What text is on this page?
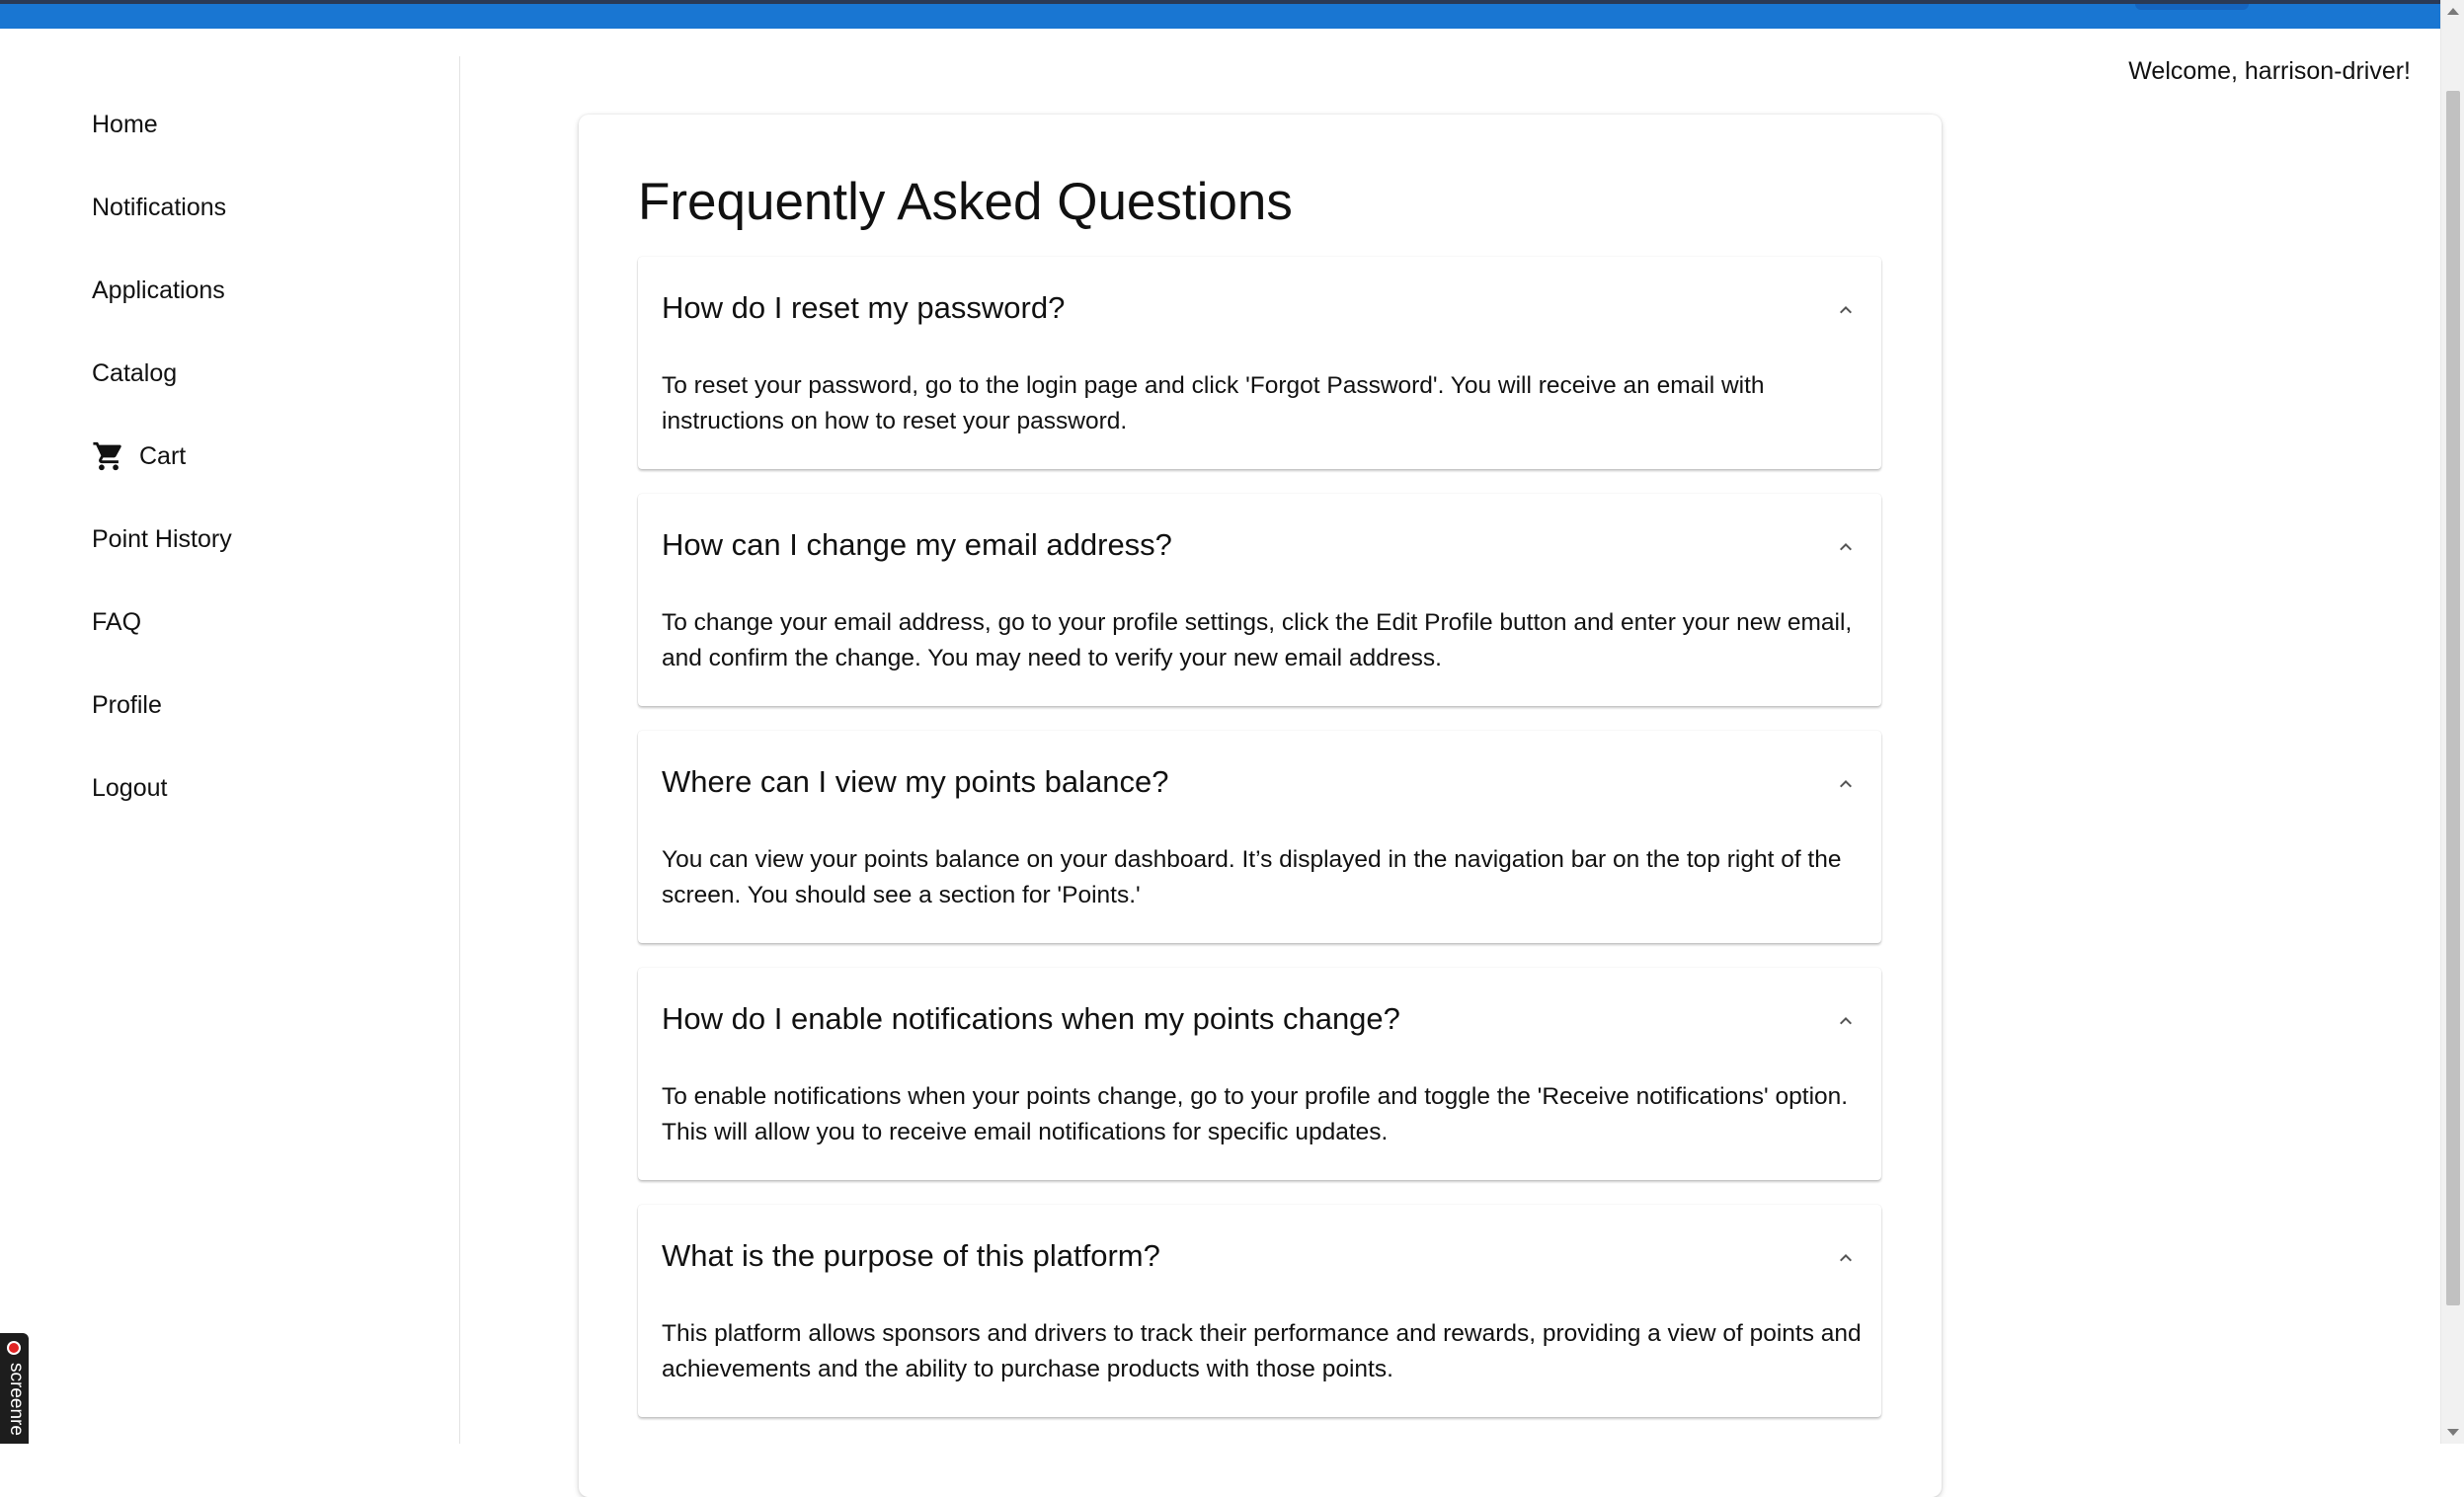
Home
Notifications
Applications
Catalog
Cart
Point History
FAQ
Profile
Logout
Welcome, harrison-driver!
Frequently Asked Questions
How do I reset my password?
To reset your password, go to the login page and click 'Forgot Password'. You will receive an email with instructions on how to reset your password.
How can I change my email address?
To change your email address, go to your profile settings, click the Edit Profile button and enter your new email, and confirm the change. You may need to verify your new email address.
Where can I view my points balance?
You can view your points balance on your dashboard. It’s displayed in the navigation bar on the top right of the screen. You should see a section for 'Points.'
How do I enable notifications when my points change?
To enable notifications when your points change, go to your profile and toggle the 'Receive notifications' option. This will allow you to receive email notifications for specific updates.
What is the purpose of this platform?
This platform allows sponsors and drivers to track their performance and rewards, providing a view of points and achievements and the ability to purchase products with those points.
screenre
